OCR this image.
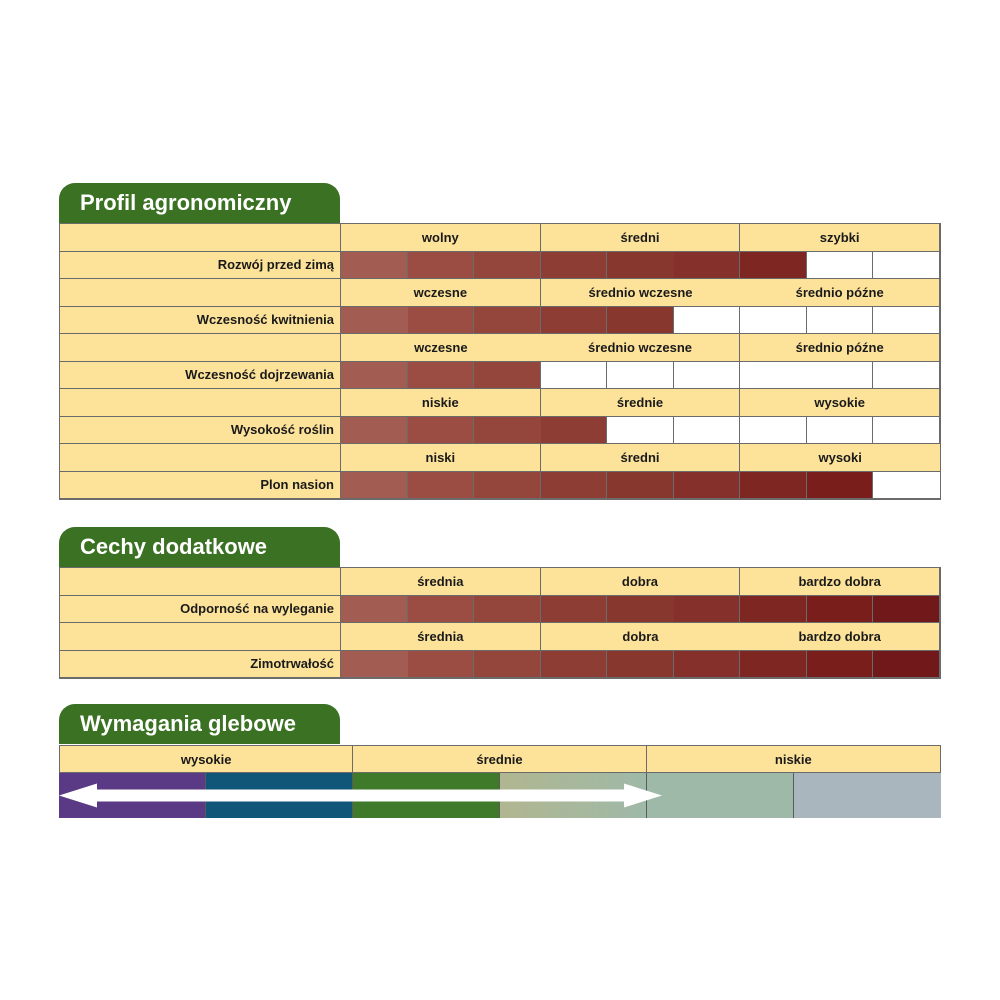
Profil agronomiczny
wolny	średni	szybki
Rozwój przed zimą
wczesne	średnio wczesne	średnio późne
Wczesność kwitnienia
wczesne	średnio wczesne	średnio późne
Wczesność dojrzewania
niskie	średnie	wysokie
Wysokość roślin
niski	średni	wysoki
Plon nasion
Cechy dodatkowe
średnia	dobra	bardzo dobra
Odporność na wyleganie
średnia	dobra	bardzo dobra
Zimotrwałość
Wymagania glebowe
wysokie	średnie	niskie
